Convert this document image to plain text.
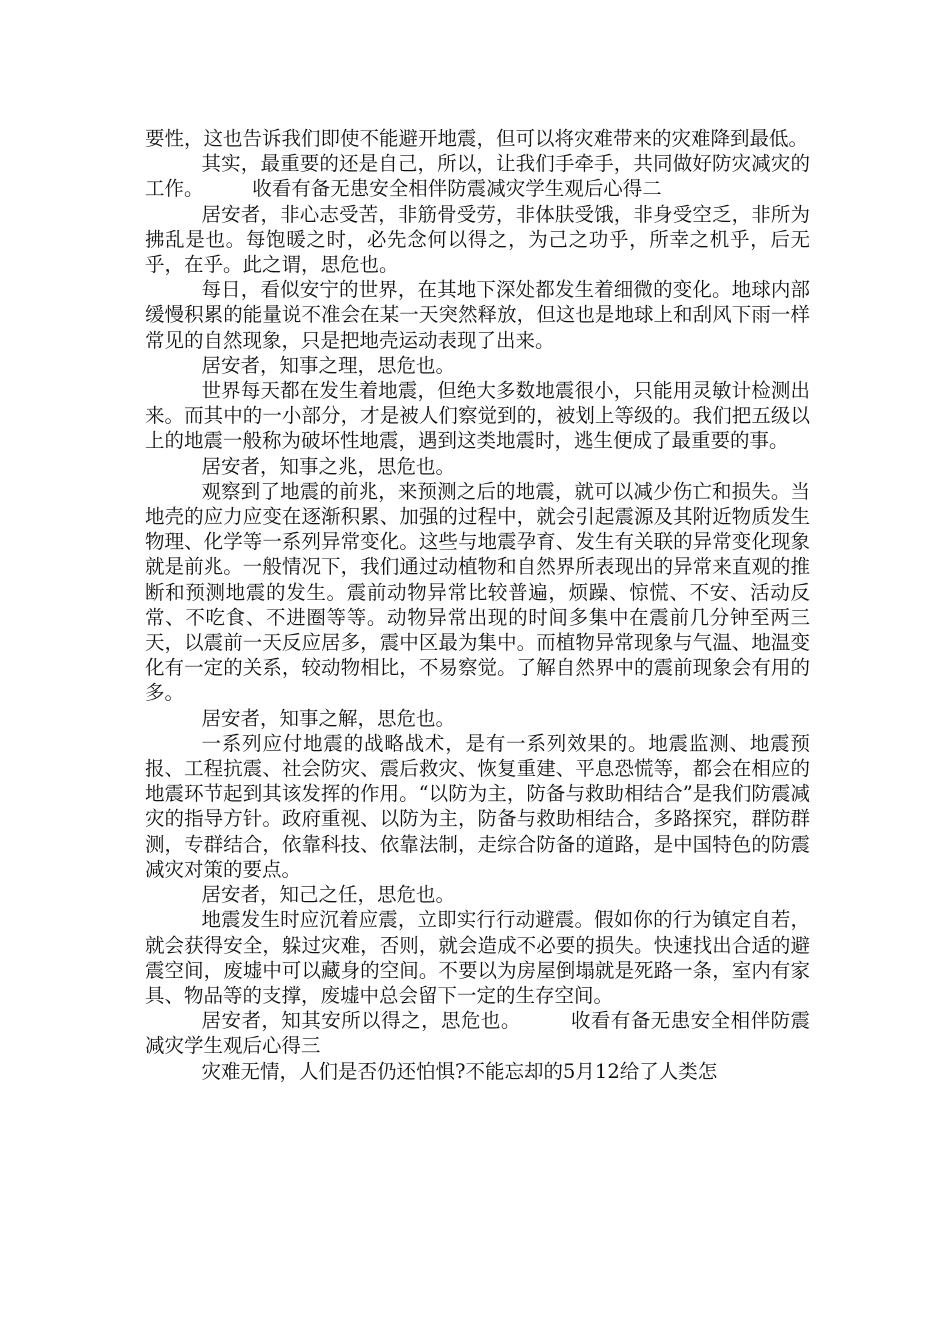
要性，这也告诉我们即使不能避开地震，但可以将灾难带来的灾难降到最低。

其实，最重要的还是自己，所以，让我们手牵手，共同做好防灾减灾的工作。　　　收看有备无患安全相伴防震减灾学生观后心得二

居安者，非心志受苦，非筋骨受劳，非体肤受饿，非身受空乏，非所为拂乱是也。每饱暖之时，必先念何以得之，为己之功乎，所幸之机乎，后无乎，在乎。此之谓，思危也。

每日，看似安宁的世界，在其地下深处都发生着细微的变化。地球内部缓慢积累的能量说不准会在某一天突然释放，但这也是地球上和刮风下雨一样常见的自然现象，只是把地壳运动表现了出来。

居安者，知事之理，思危也。

世界每天都在发生着地震，但绝大多数地震很小，只能用灵敏计检测出来。而其中的一小部分，才是被人们察觉到的，被划上等级的。我们把五级以上的地震一般称为破坏性地震，遇到这类地震时，逃生便成了最重要的事。

居安者，知事之兆，思危也。

观察到了地震的前兆，来预测之后的地震，就可以减少伤亡和损失。当地壳的应力应变在逐渐积累、加强的过程中，就会引起震源及其附近物质发生物理、化学等一系列异常变化。这些与地震孕育、发生有关联的异常变化现象就是前兆。一般情况下，我们通过动植物和自然界所表现出的异常来直观的推断和预测地震的发生。震前动物异常比较普遍，烦躁、惊慌、不安、活动反常、不吃食、不进圈等等。动物异常出现的时间多集中在震前几分钟至两三天，以震前一天反应居多，震中区最为集中。而植物异常现象与气温、地温变化有一定的关系，较动物相比，不易察觉。了解自然界中的震前现象会有用的多。

居安者，知事之解，思危也。

一系列应付地震的战略战术，是有一系列效果的。地震监测、地震预报、工程抗震、社会防灾、震后救灾、恢复重建、平息恐慌等，都会在相应的地震环节起到其该发挥的作用。“以防为主，防备与救助相结合”是我们防震减灾的指导方针。政府重视、以防为主，防备与救助相结合，多路探究，群防群测，专群结合，依靠科技、依靠法制，走综合防备的道路，是中国特色的防震减灾对策的要点。

居安者，知己之任，思危也。

地震发生时应沉着应震，立即实行行动避震。假如你的行为镇定自若，就会获得安全，躲过灾难，否则，就会造成不必要的损失。快速找出合适的避震空间，废墟中可以藏身的空间。不要以为房屋倒塌就是死路一条，室内有家具、物品等的支撑，废墟中总会留下一定的生存空间。

居安者，知其安所以得之，思危也。　　　收看有备无患安全相伴防震减灾学生观后心得三

灾难无情，人们是否仍还怕惧?不能忘却的5月12给了人类怎
